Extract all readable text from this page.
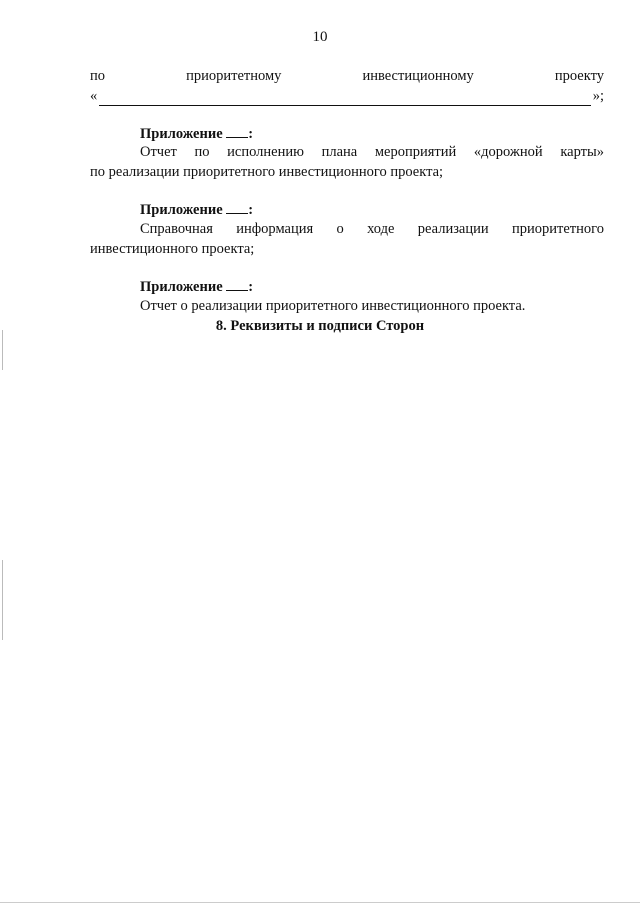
10
по	приоритетному	инвестиционному	проекту
«	»;
Приложение :
Отчет по исполнению плана мероприятий «дорожной карты»
по реализации приоритетного инвестиционного проекта;
Приложение :
Справочная информация о ходе реализации приоритетного
инвестиционного проекта;
Приложение :
Отчет о реализации приоритетного инвестиционного проекта.
8. Реквизиты и подписи Сторон
